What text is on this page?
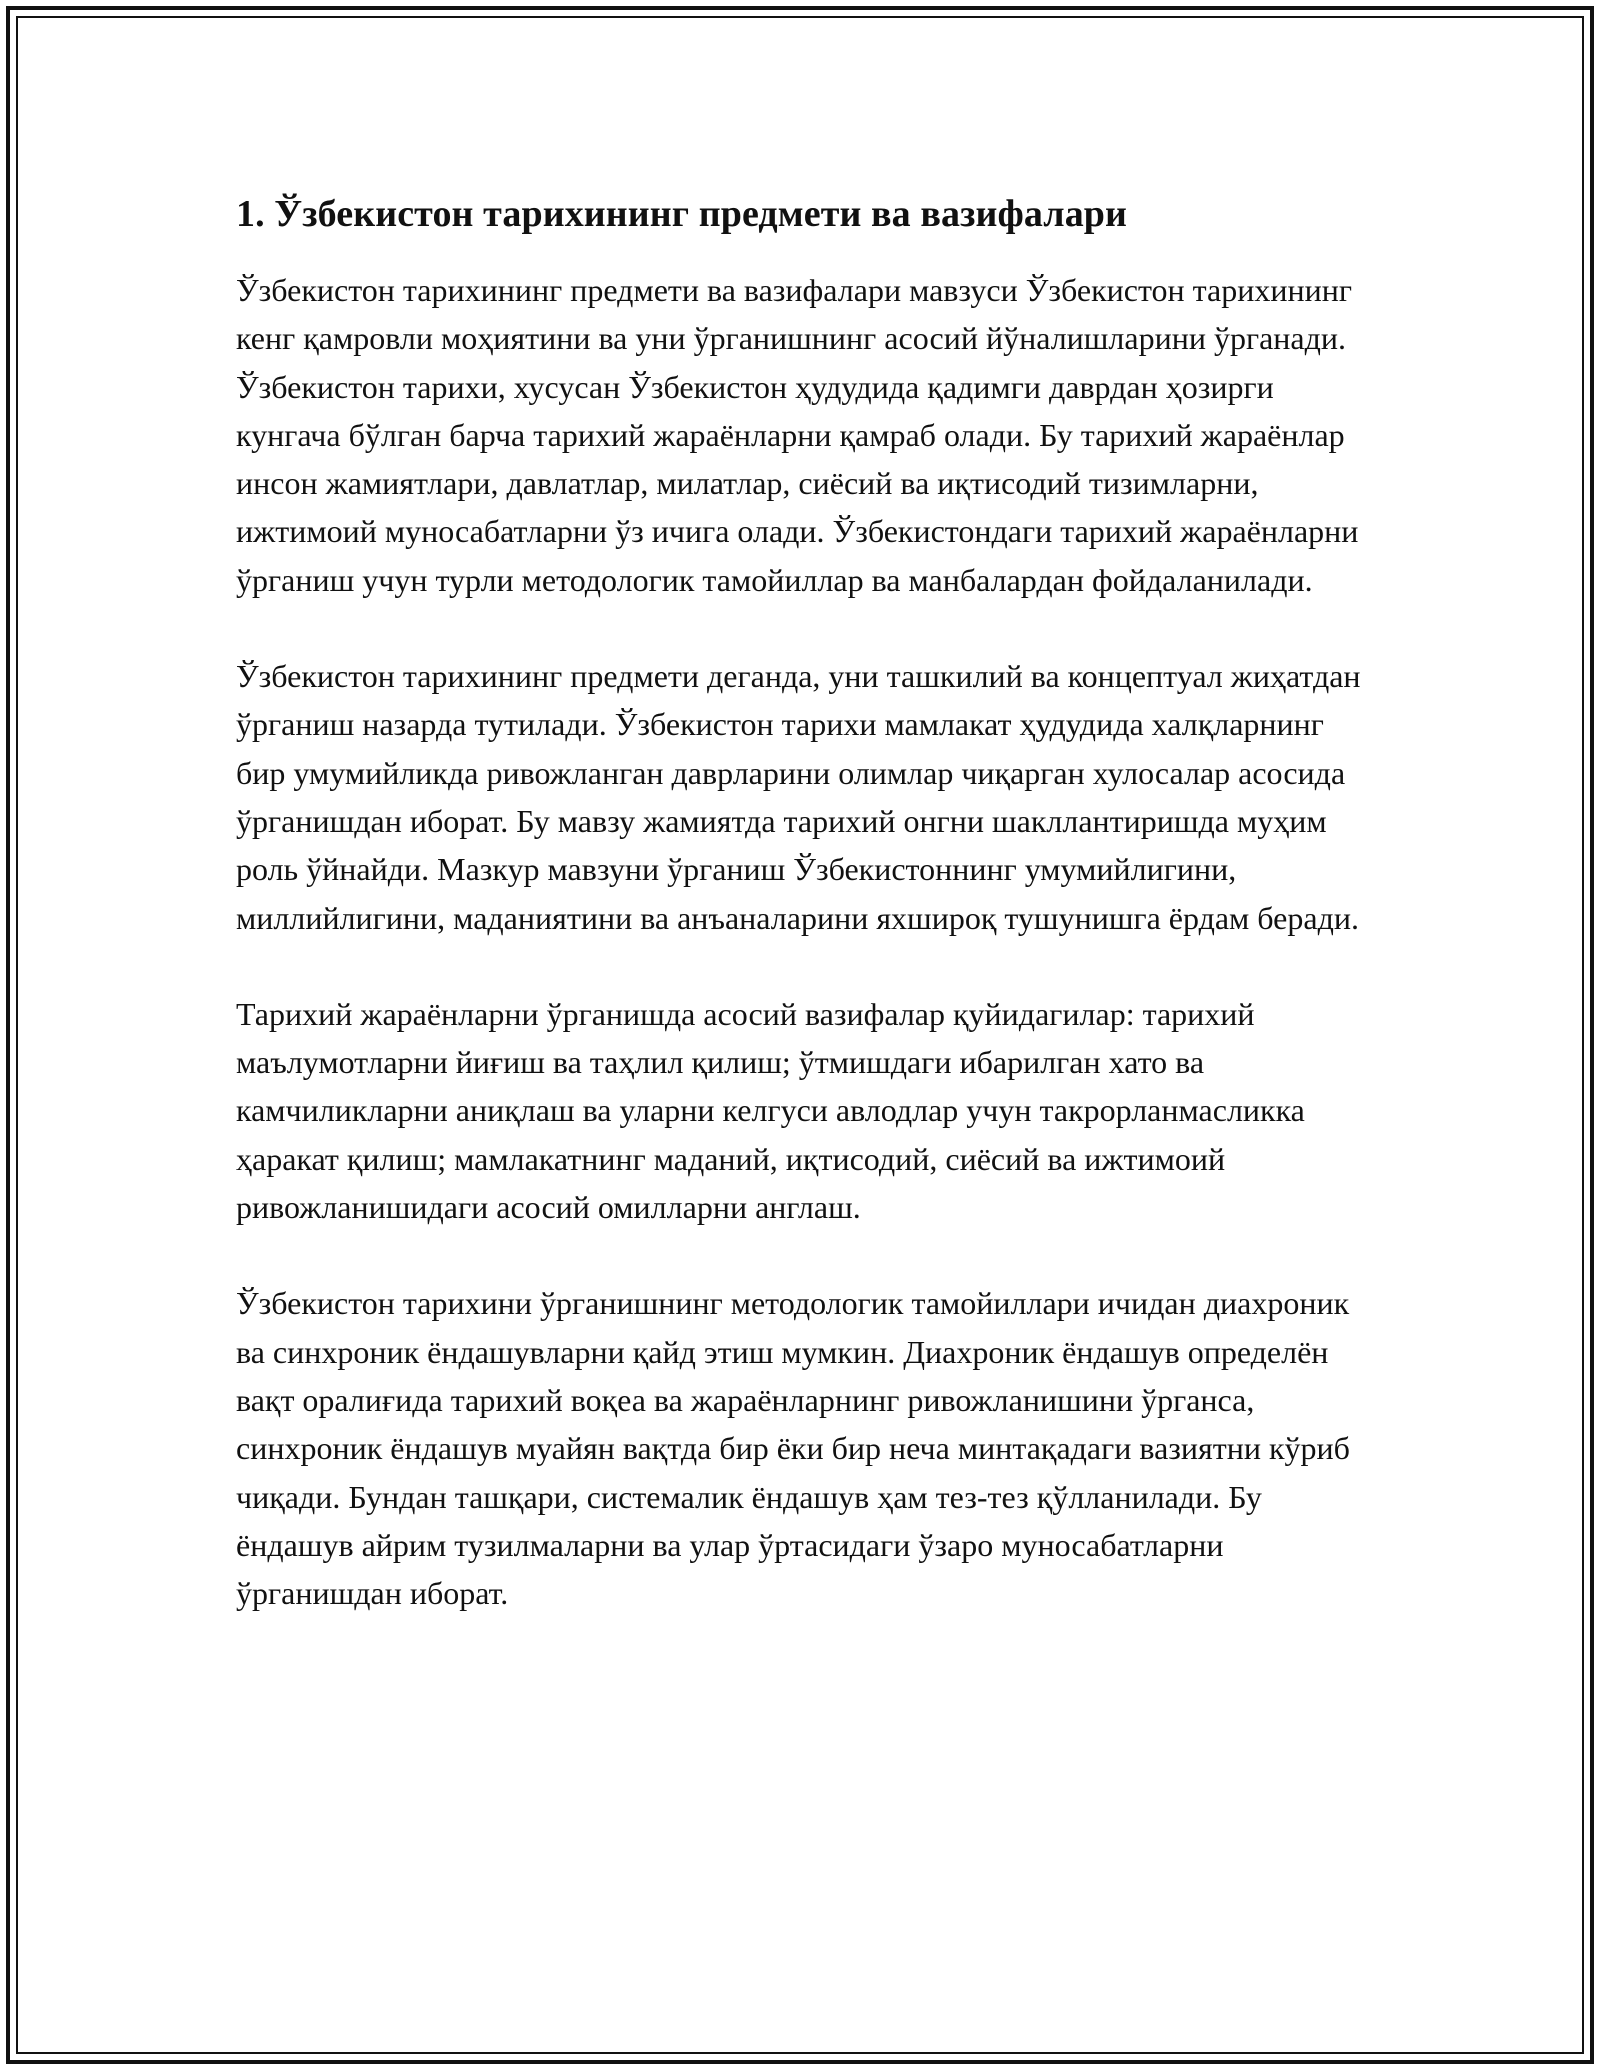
1. Ўзбекистон тарихининг предмети ва вазифалари

Ўзбекистон тарихининг предмети ва вазифалари мавзуси Ўзбекистон тарихининг кенг қамровли моҳиятини ва уни ўрганишнинг асосий йўналишларини ўрганади. Ўзбекистон тарихи, хусусан Ўзбекистон ҳудудида қадимги даврдан ҳозирги кунгача бўлган барча тарихий жараёнларни қамраб олади. Бу тарихий жараёнлар инсон жамиятлари, давлатлар, милатлар, сиёсий ва иқтисодий тизимларни, ижтимоий муносабатларни ўз ичига олади. Ўзбекистондаги тарихий жараёнларни ўрганиш учун турли методологик тамойиллар ва манбалардан фойдаланилади.

Ўзбекистон тарихининг предмети деганда, уни ташкилий ва концептуал жиҳатдан ўрганиш назарда тутилади. Ўзбекистон тарихи мамлакат ҳудудида халқларнинг бир умумийликда ривожланган даврларини олимлар чиқарган хулосалар асосида ўрганишдан иборат. Бу мавзу жамиятда тарихий онгни шакллантиришда муҳим роль ўйнайди. Мазкур мавзуни ўрганиш Ўзбекистоннинг умумийлигини, миллийлигини, маданиятини ва анъаналарини яхшироқ тушунишга ёрдам беради.

Тарихий жараёнларни ўрганишда асосий вазифалар қуйидагилар: тарихий маълумотларни йиғиш ва таҳлил қилиш; ўтмишдаги ибарилган хато ва камчиликларни аниқлаш ва уларни келгуси авлодлар учун такрорланмасликка ҳаракат қилиш; мамлакатнинг маданий, иқтисодий, сиёсий ва ижтимоий ривожланишидаги асосий омилларни англаш.

Ўзбекистон тарихини ўрганишнинг методологик тамойиллари ичидан диахроник ва синхроник ёндашувларни қайд этиш мумкин. Диахроник ёндашув определён вақт оралиғида тарихий воқеа ва жараёнларнинг ривожланишини ўрганса, синхроник ёндашув муайян вақтда бир ёки бир неча минтақадаги вазиятни кўриб чиқади. Бундан ташқари, системалик ёндашув ҳам тез-тез қўлланилади. Бу ёндашув айрим тузилмаларни ва улар ўртасидаги ўзаро муносабатларни ўрганишдан иборат.
